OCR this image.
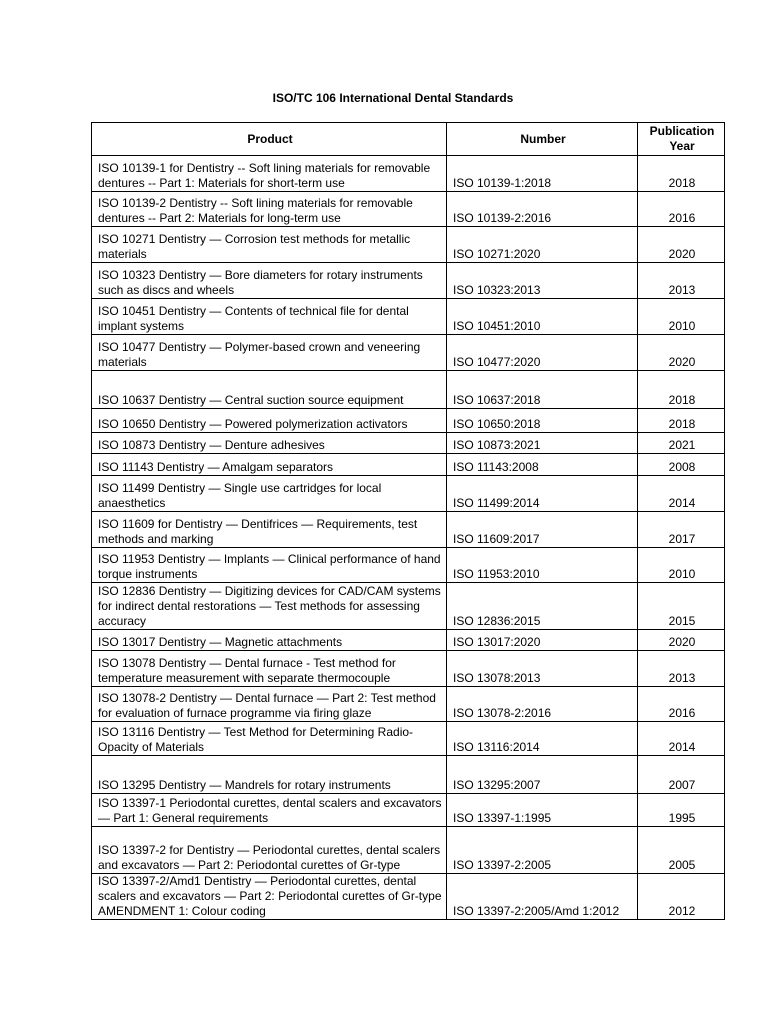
ISO/TC 106 International Dental Standards
Product	Number	Publication Year
ISO 10139-1 for Dentistry -- Soft lining materials for removable dentures -- Part 1: Materials for short-term use	ISO 10139-1:2018	2018
ISO 10139-2 Dentistry -- Soft lining materials for removable dentures -- Part 2: Materials for long-term use	ISO 10139-2:2016	2016
ISO 10271 Dentistry — Corrosion test methods for metallic materials	ISO 10271:2020	2020
ISO 10323 Dentistry — Bore diameters for rotary instruments such as discs and wheels	ISO 10323:2013	2013
ISO 10451 Dentistry — Contents of technical file for dental implant systems	ISO 10451:2010	2010
ISO 10477 Dentistry — Polymer-based crown and veneering materials	ISO 10477:2020	2020
ISO 10637 Dentistry — Central suction source equipment	ISO 10637:2018	2018
ISO 10650 Dentistry — Powered polymerization activators	ISO 10650:2018	2018
ISO 10873 Dentistry — Denture adhesives	ISO 10873:2021	2021
ISO 11143 Dentistry — Amalgam separators	ISO 11143:2008	2008
ISO 11499 Dentistry — Single use cartridges for local anaesthetics	ISO 11499:2014	2014
ISO 11609 for Dentistry — Dentifrices — Requirements, test methods and marking	ISO 11609:2017	2017
ISO 11953 Dentistry — Implants — Clinical performance of hand torque instruments	ISO 11953:2010	2010
ISO 12836 Dentistry — Digitizing devices for CAD/CAM systems for indirect dental restorations — Test methods for assessing accuracy	ISO 12836:2015	2015
ISO 13017 Dentistry — Magnetic attachments	ISO 13017:2020	2020
ISO 13078 Dentistry — Dental furnace - Test method for temperature measurement with separate thermocouple	ISO 13078:2013	2013
ISO 13078-2 Dentistry — Dental furnace — Part 2: Test method for evaluation of furnace programme via firing glaze	ISO 13078-2:2016	2016
ISO 13116 Dentistry — Test Method for Determining Radio-Opacity of Materials	ISO 13116:2014	2014
ISO 13295 Dentistry — Mandrels for rotary instruments	ISO 13295:2007	2007
ISO 13397-1 Periodontal curettes, dental scalers and excavators — Part 1: General requirements	ISO 13397-1:1995	1995
ISO 13397-2 for Dentistry — Periodontal curettes, dental scalers and excavators — Part 2: Periodontal curettes of Gr-type	ISO 13397-2:2005	2005
ISO 13397-2/Amd1 Dentistry — Periodontal curettes, dental scalers and excavators — Part 2: Periodontal curettes of Gr-type AMENDMENT 1: Colour coding	ISO 13397-2:2005/Amd 1:2012	2012
